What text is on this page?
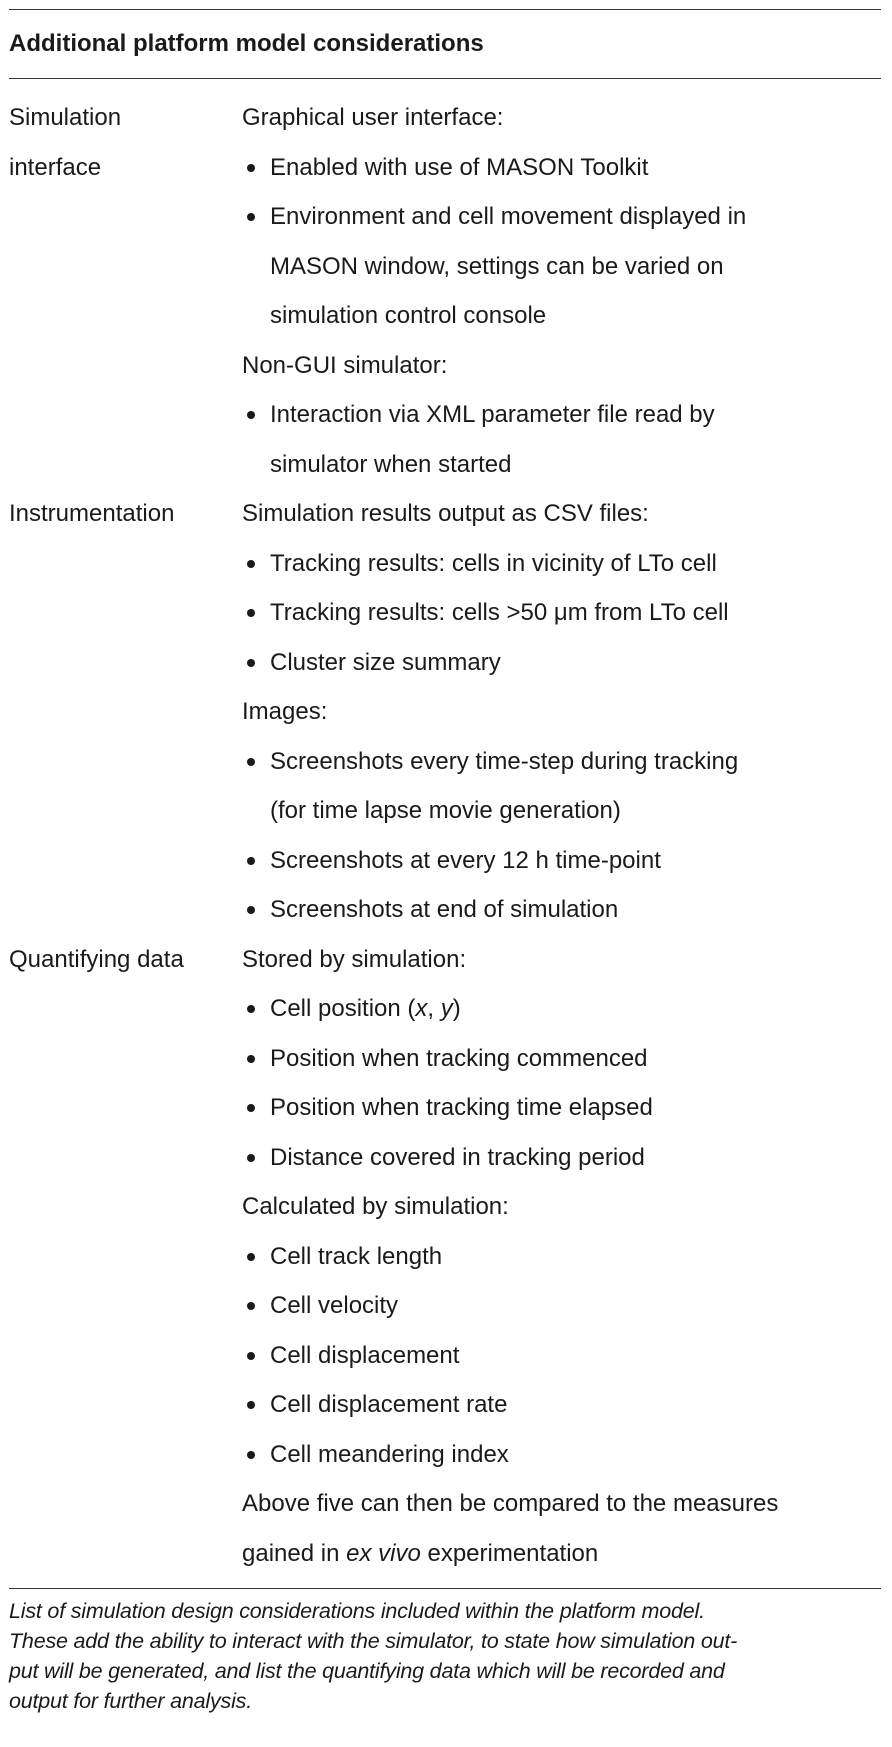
Additional platform model considerations
Simulation
interface
Graphical user interface:
Enabled with use of MASON Toolkit
Environment and cell movement displayed in
MASON window, settings can be varied on
simulation control console
Non-GUI simulator:
Interaction via XML parameter file read by
simulator when started
Instrumentation	Simulation results output as CSV files:
Tracking results: cells in vicinity of LTo cell
Tracking results: cells >50 μm from LTo cell
Cluster size summary
Images:
Screenshots every time-step during tracking
(for time lapse movie generation)
Screenshots at every 12 h time-point
Screenshots at end of simulation
Quantifying data	Stored by simulation:
Cell position (x, y)
Position when tracking commenced
Position when tracking time elapsed
Distance covered in tracking period
Calculated by simulation:
Cell track length
Cell velocity
Cell displacement
Cell displacement rate
Cell meandering index
Above five can then be compared to the measures
gained in ex vivo experimentation
List of simulation design considerations included within the platform model.
These add the ability to interact with the simulator, to state how simulation out-
put will be generated, and list the quantifying data which will be recorded and
output for further analysis.
